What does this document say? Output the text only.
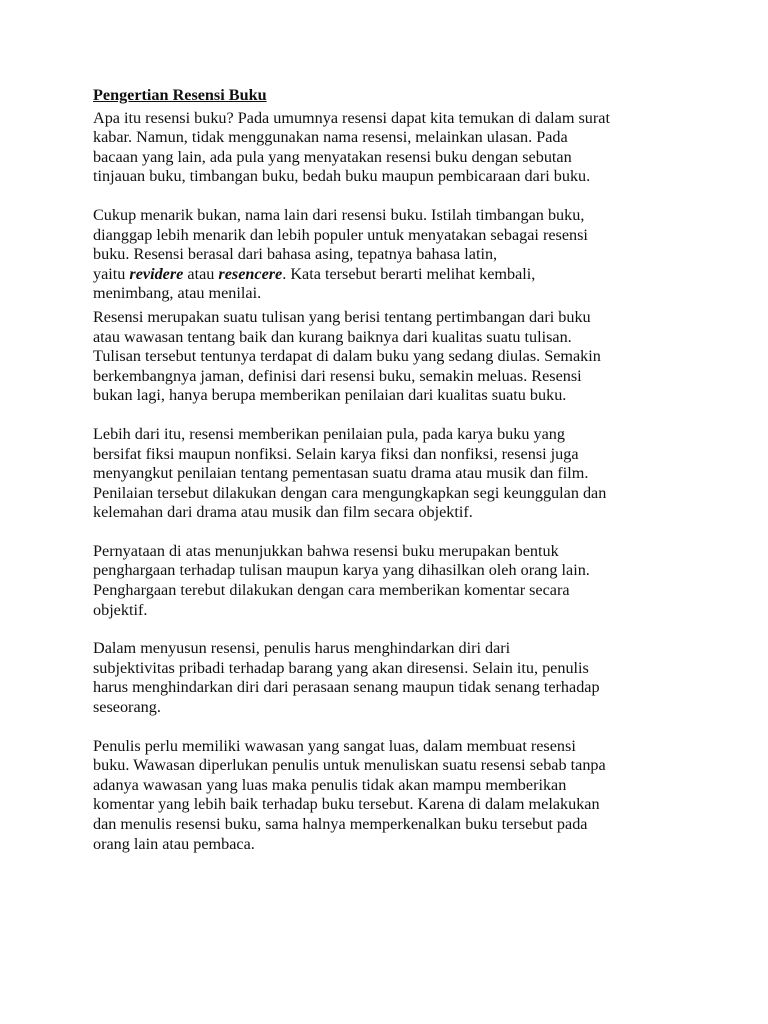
Pengertian Resensi Buku
Apa itu resensi buku? Pada umumnya resensi dapat kita temukan di dalam surat
kabar. Namun, tidak menggunakan nama resensi, melainkan ulasan. Pada
bacaan yang lain, ada pula yang menyatakan resensi buku dengan sebutan
tinjauan buku, timbangan buku, bedah buku maupun pembicaraan dari buku.
Cukup menarik bukan, nama lain dari resensi buku. Istilah timbangan buku,
dianggap lebih menarik dan lebih populer untuk menyatakan sebagai resensi
buku. Resensi berasal dari bahasa asing, tepatnya bahasa latin,
yaitu revidere atau resencere. Kata tersebut berarti melihat kembali,
menimbang, atau menilai.
Resensi merupakan suatu tulisan yang berisi tentang pertimbangan dari buku
atau wawasan tentang baik dan kurang baiknya dari kualitas suatu tulisan.
Tulisan tersebut tentunya terdapat di dalam buku yang sedang diulas. Semakin
berkembangnya jaman, definisi dari resensi buku, semakin meluas. Resensi
bukan lagi, hanya berupa memberikan penilaian dari kualitas suatu buku.
Lebih dari itu, resensi memberikan penilaian pula, pada karya buku yang
bersifat fiksi maupun nonfiksi. Selain karya fiksi dan nonfiksi, resensi juga
menyangkut penilaian tentang pementasan suatu drama atau musik dan film.
Penilaian tersebut dilakukan dengan cara mengungkapkan segi keunggulan dan
kelemahan dari drama atau musik dan film secara objektif.
Pernyataan di atas menunjukkan bahwa resensi buku merupakan bentuk
penghargaan terhadap tulisan maupun karya yang dihasilkan oleh orang lain.
Penghargaan terebut dilakukan dengan cara memberikan komentar secara
objektif.
Dalam menyusun resensi, penulis harus menghindarkan diri dari
subjektivitas pribadi terhadap barang yang akan diresensi. Selain itu, penulis
harus menghindarkan diri dari perasaan senang maupun tidak senang terhadap
seseorang.
Penulis perlu memiliki wawasan yang sangat luas, dalam membuat resensi
buku. Wawasan diperlukan penulis untuk menuliskan suatu resensi sebab tanpa
adanya wawasan yang luas maka penulis tidak akan mampu memberikan
komentar yang lebih baik terhadap buku tersebut. Karena di dalam melakukan
dan menulis resensi buku, sama halnya memperkenalkan buku tersebut pada
orang lain atau pembaca.
